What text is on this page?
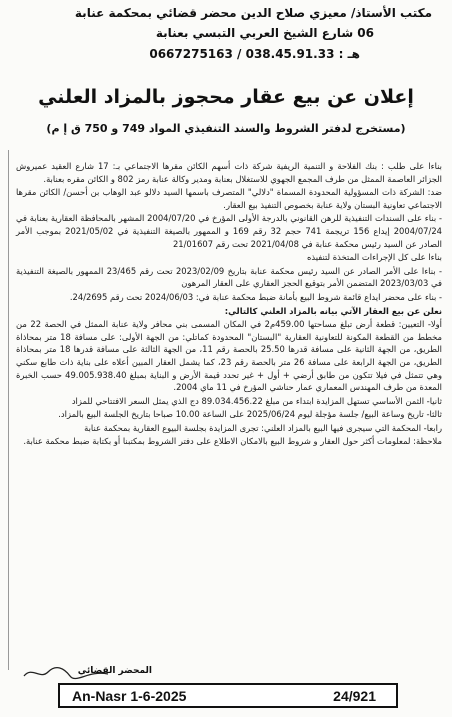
مكتب الأستاذ/ معيزي صلاح الدين محضر قضائي بمحكمة عنابة
06 شارع الشيخ العربي التبسي بعنابة
هـ : 038.45.91.33 / 0667275163
إعلان عن بيع عقار محجوز بالمزاد العلني
(مستخرج لدفتر الشروط والسند التنفيذي المواد 749 و 750 ق إ م)

بناءا على طلب : بنك الفلاحة و التنمية الريفية شركة ذات أسهم الكائن مقرها الاجتماعي بـ: 17 شارع العقيد عميروش الجزائر العاصمة الممثل من طرف المجمع الجهوي للاستغلال بعنابة ومدير وكالة عنابة رمز 802 و الكائن مقره بعنابة.

ضد: الشركة ذات المسؤولية المحدودة المسماة "دلالي" المتصرف باسمها السيد دلالو عبد الوهاب بن أحسن/ الكائن مقرها الاجتماعي تعاونية البستان ولاية عنابة بخصوص التنفيذ بيع العقار.

- بناء على السندات التنفيذية للرهن القانوني بالدرجة الأولى المؤرخ في 2004/07/20 المشهر بالمحافظة العقارية بعنابة في 2004/07/24 إيداع 156 تريجمة 741 حجم 32 رقم 169 و الممهور بالصيغة التنفيذية في 2021/05/02 بموجب الأمر الصادر عن السيد رئيس محكمة عنابة في 2021/04/08 تحت رقم 21/01607

بناءا على كل الإجراءات المتخذة لتنفيذه

- بناءا على الأمر الصادر عن السيد رئيس محكمة عنابة بتاريخ 2023/02/09 تحت رقم 23/465 الممهور بالصيغة التنفيذية في 2023/03/03 المتضمن الأمر بتوقيع الحجز العقاري على العقار المرهون

- بناء على محضر ايداع قائمة شروط البيع بأمانة ضبط محكمة عنابة في: 2024/06/03 تحت رقم 24/2695.

نعلن عن بيع العقار الآتي بيانه بالمزاد العلني كالتالي:

أولا- التعيين: قطعة أرض تبلغ مساحتها 459.00م2 في المكان المسمى بني محافر ولاية عنابة الممثل في الحصة 22 من مخطط من القطعة المكونة للتعاونية العقارية "البستان" المحدودة كماتلي: من الجهة الأولى: على مسافة 18 متر بمحاذاة الطريق، من الجهة الثانية على مسافة قدرها 25.50 بالحصة رقم 11، من الجهة الثالثة على مسافة قدرها 18 متر بمحاذاة الطريق، من الجهة الرابعة على مسافة 26 متر بالحصة رقم 23، كما يشمل العقار المبين أعلاه على بناية ذات طابع سكني وهي تتمثل في فيلا تتكون من طابق أرضي + أول + غير تحدد قيمة الأرض و البناية بمبلغ 49.005.938.40 حسب الخبرة المعدة من طرف المهندس المعماري عمار حناشي المؤرخ في 11 ماي 2004.

ثانيا- الثمن الأساسي تستهل المزايدة ابتداء من مبلغ 89.034.456.22 دج الذي يمثل السعر الافتتاحي للمزاد

ثالثا- تاريخ وساعة البيع/ جلسة مؤجلة ليوم 2025/06/24 على الساعة 10.00 صباحا بتاريخ الجلسة البيع بالمزاد.

رابعا- المحكمة التي سيجرى فيها البيع بالمزاد العلني: تجرى المزايدة بجلسة البيوع العقارية بمحكمة عنابة

ملاحظة: لمعلومات أكثر حول العقار و شروط البيع بالامكان الاطلاع على دفتر الشروط بمكتبنا أو بكتابة ضبط محكمة عنابة.

المحضر القضائي
An-Nasr 1-6-2025	24/921
